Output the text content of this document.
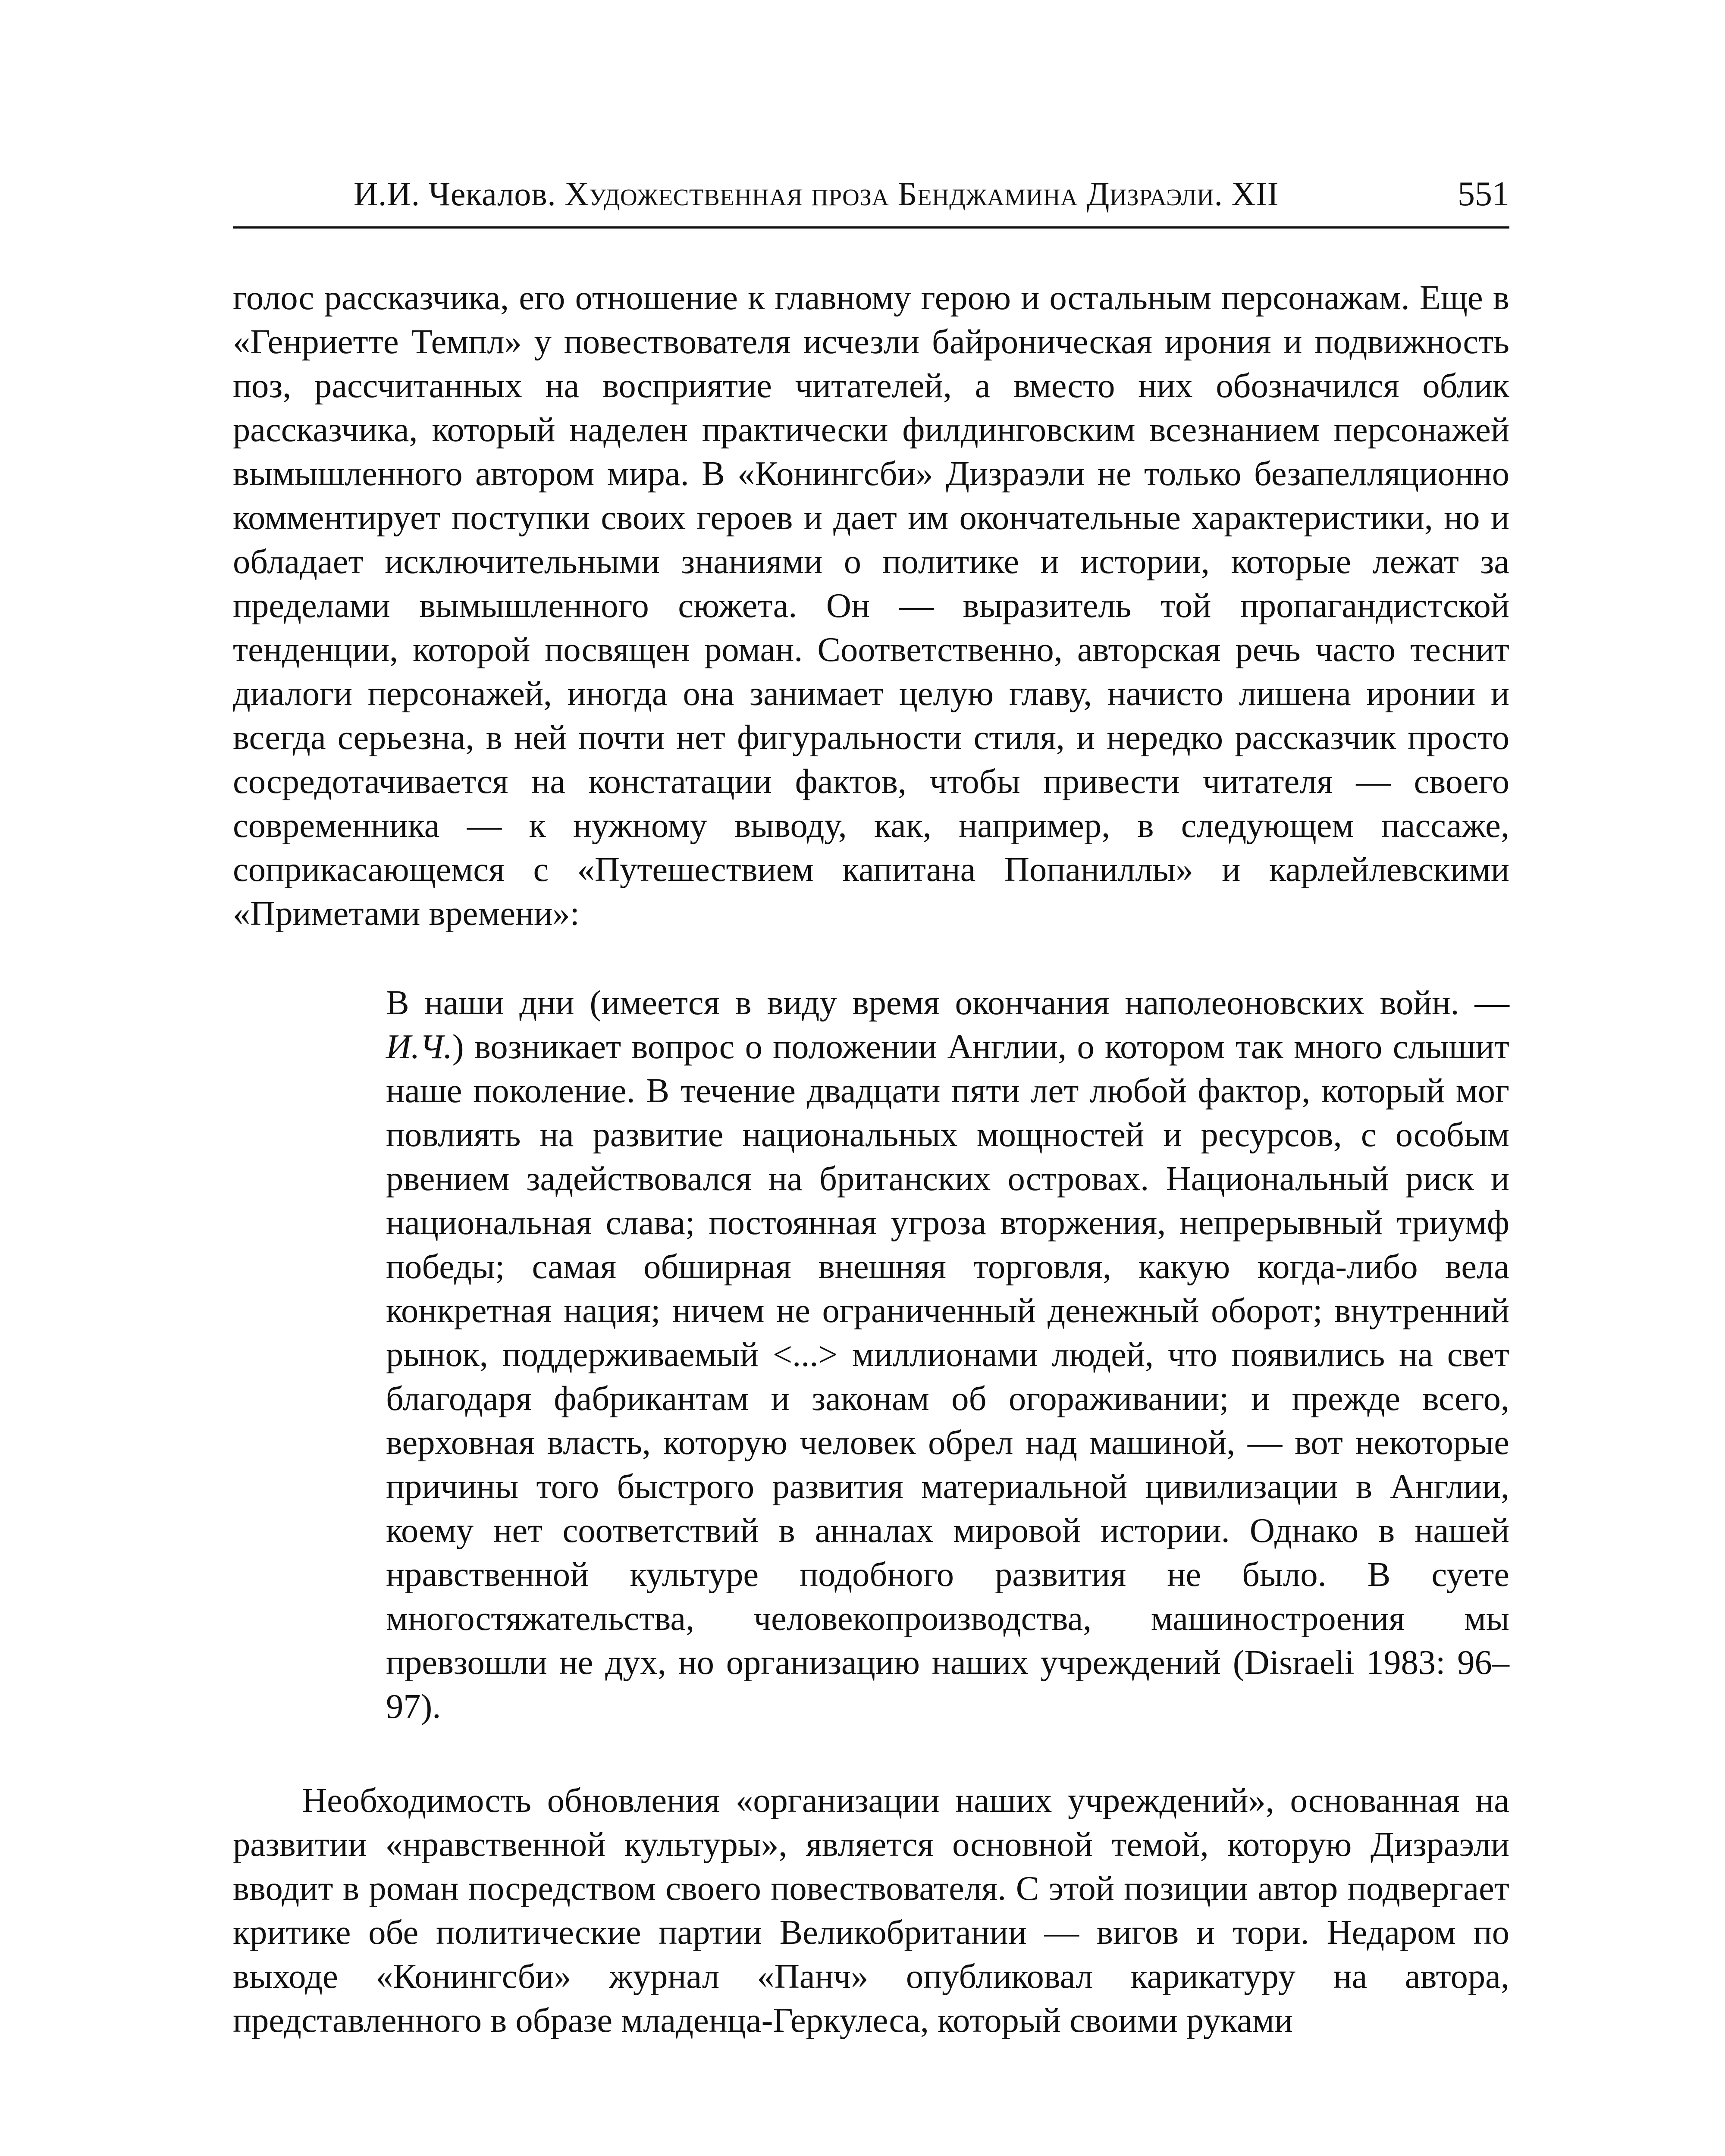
И.И. Чекалов. Художественная проза Бенджамина Дизраэли. XII	551

голос рассказчика, его отношение к главному герою и остальным персонажам. Еще в «Генриетте Темпл» у повествователя исчезли байроническая ирония и подвижность поз, рассчитанных на восприятие читателей, а вместо них обозначился облик рассказчика, который наделен практически филдинговским всезнанием персонажей вымышленного автором мира. В «Конингсби» Дизраэли не только безапелляционно комментирует поступки своих героев и дает им окончательные характеристики, но и обладает исключительными знаниями о политике и истории, которые лежат за пределами вымышленного сюжета. Он — выразитель той пропагандистской тенденции, которой посвящен роман. Соответственно, авторская речь часто теснит диалоги персонажей, иногда она занимает целую главу, начисто лишена иронии и всегда серьезна, в ней почти нет фигуральности стиля, и нередко рассказчик просто сосредотачивается на констатации фактов, чтобы привести читателя — своего современника — к нужному выводу, как, например, в следующем пассаже, соприкасающемся с «Путешествием капитана Попаниллы» и карлейлевскими «Приметами времени»:

В наши дни (имеется в виду время окончания наполеоновских войн. — И.Ч.) возникает вопрос о положении Англии, о котором так много слышит наше поколение. В течение двадцати пяти лет любой фактор, который мог повлиять на развитие национальных мощностей и ресурсов, с особым рвением задействовался на британских островах. Национальный риск и национальная слава; постоянная угроза вторжения, непрерывный триумф победы; самая обширная внешняя торговля, какую когда-либо вела конкретная нация; ничем не ограниченный денежный оборот; внутренний рынок, поддерживаемый <...> миллионами людей, что появились на свет благодаря фабрикантам и законам об огораживании; и прежде всего, верховная власть, которую человек обрел над машиной, — вот некоторые причины того быстрого развития материальной цивилизации в Англии, коему нет соответствий в анналах мировой истории. Однако в нашей нравственной культуре подобного развития не было. В суете многостяжательства, человекопроизводства, машиностроения мы превзошли не дух, но организацию наших учреждений (Disraeli 1983: 96–97).

Необходимость обновления «организации наших учреждений», основанная на развитии «нравственной культуры», является основной темой, которую Дизраэли вводит в роман посредством своего повествователя. С этой позиции автор подвергает критике обе политические партии Великобритании — вигов и тори. Недаром по выходе «Конингсби» журнал «Панч» опубликовал карикатуру на автора, представленного в образе младенца-Геркулеса, который своими руками
